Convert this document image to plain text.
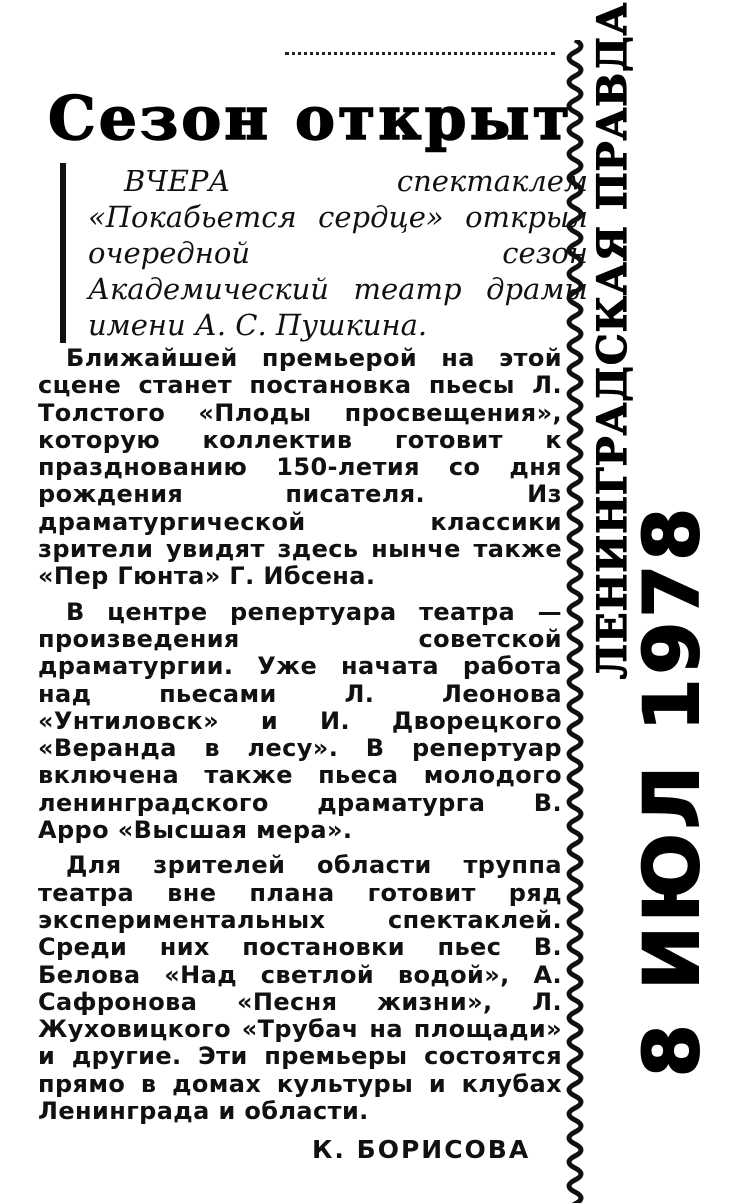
Сезон открыт

ВЧЕРА спектаклем «Покабьется сердце» открыл очередной сезон Академический театр драмы имени А. С. Пушкина.

Ближайшей премьерой на этой сцене станет постановка пьесы Л. Толстого «Плоды просвещения», которую коллектив готовит к празднованию 150-летия со дня рождения писателя. Из драматургической классики зрители увидят здесь нынче также «Пер Гюнта» Г. Ибсена.

В центре репертуара театра — произведения советской драматургии. Уже начата работа над пьесами Л. Леонова «Унтиловск» и И. Дворецкого «Веранда в лесу». В репертуар включена также пьеса молодого ленинградского драматурга В. Арро «Высшая мера».

Для зрителей области труппа театра вне плана готовит ряд экспериментальных спектаклей. Среди них постановки пьес В. Белова «Над светлой водой», А. Сафронова «Песня жизни», Л. Жуховицкого «Трубач на площади» и другие. Эти премьеры состоятся прямо в домах культуры и клубах Ленинграда и области.

К. БОРИСОВА
ЛЕНИНГРАДСКАЯ ПРАВДА
8 ИЮЛ 1978
